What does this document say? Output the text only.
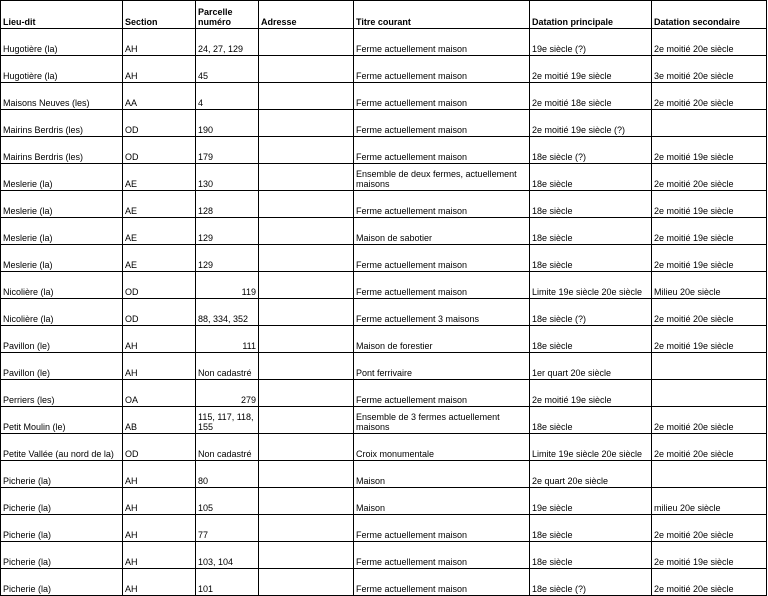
Lieu-dit	Section	Parcelle numéro	Adresse	Titre courant	Datation principale	Datation secondaire
Hugotière (la)	AH	24, 27, 129		Ferme actuellement maison	19e siècle (?)	2e moitié 20e siècle
Hugotière (la)	AH	45		Ferme actuellement maison	2e moitié 19e siècle	3e moitié 20e siècle
Maisons Neuves (les)	AA	4		Ferme actuellement maison	2e moitié 18e siècle	2e moitié 20e siècle
Mairins Berdris (les)	OD	190		Ferme actuellement maison	2e moitié 19e siècle (?)	
Mairins Berdris (les)	OD	179		Ferme actuellement maison	18e siècle (?)	2e moitié 19e siècle
Meslerie (la)	AE	130		Ensemble de deux fermes, actuellement maisons	18e siècle	2e moitié 20e siècle
Meslerie (la)	AE	128		Ferme actuellement maison	18e siècle	2e moitié 19e siècle
Meslerie (la)	AE	129		Maison de sabotier	18e siècle	2e moitié 19e siècle
Meslerie (la)	AE	129		Ferme actuellement maison	18e siècle	2e moitié 19e siècle
Nicolière (la)	OD	119		Ferme actuellement maison	Limite 19e siècle 20e siècle	Milieu 20e siècle
Nicolière (la)	OD	88, 334, 352		Ferme actuellement 3 maisons	18e siècle (?)	2e moitié 20e siècle
Pavillon (le)	AH	111		Maison de forestier	18e siècle	2e moitié 19e siècle
Pavillon (le)	AH	Non cadastré		Pont ferrivaire	1er quart 20e siècle	
Perriers (les)	OA	279		Ferme actuellement maison	2e moitié 19e siècle	
Petit Moulin (le)	AB	115, 117, 118, 155		Ensemble de 3 fermes actuellement maisons	18e siècle	2e moitié 20e siècle
Petite Vallée (au nord de la)	OD	Non cadastré		Croix monumentale	Limite 19e siècle 20e siècle	2e moitié 20e siècle
Picherie (la)	AH	80		Maison	2e quart 20e siècle	
Picherie (la)	AH	105		Maison	19e siècle	milieu 20e siècle
Picherie (la)	AH	77		Ferme actuellement maison	18e siècle	2e moitié 20e siècle
Picherie (la)	AH	103, 104		Ferme actuellement maison	18e siècle	2e moitié 19e siècle
Picherie (la)	AH	101		Ferme actuellement maison	18e siècle (?)	2e moitié 20e siècle
